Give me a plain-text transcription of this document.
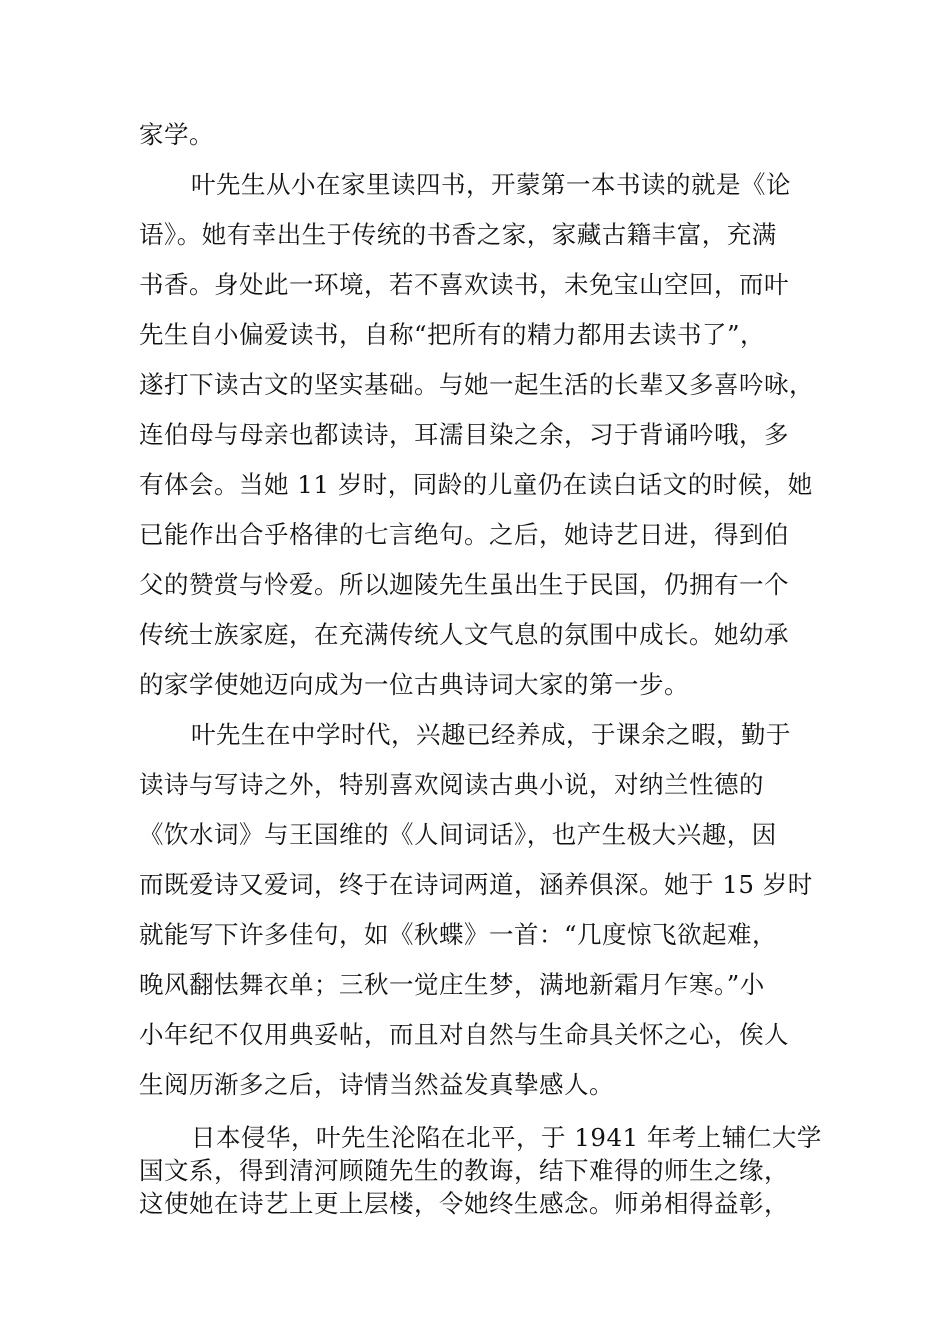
家学。
叶先生从小在家里读四书，开蒙第一本书读的就是《论
语》。她有幸出生于传统的书香之家，家藏古籍丰富，充满
书香。身处此一环境，若不喜欢读书，未免宝山空回，而叶
先生自小偏爱读书，自称“把所有的精力都用去读书了”，
遂打下读古文的坚实基础。与她一起生活的长辈又多喜吟咏，
连伯母与母亲也都读诗，耳濡目染之余，习于背诵吟哦，多
有体会。当她 11 岁时，同龄的儿童仍在读白话文的时候，她
已能作出合乎格律的七言绝句。之后，她诗艺日进，得到伯
父的赞赏与怜爱。所以迦陵先生虽出生于民国，仍拥有一个
传统士族家庭，在充满传统人文气息的氛围中成长。她幼承
的家学使她迈向成为一位古典诗词大家的第一步。
叶先生在中学时代，兴趣已经养成，于课余之暇，勤于
读诗与写诗之外，特别喜欢阅读古典小说，对纳兰性德的
《饮水词》与王国维的《人间词话》，也产生极大兴趣，因
而既爱诗又爱词，终于在诗词两道，涵养俱深。她于 15 岁时
就能写下许多佳句，如《秋蝶》一首：“几度惊飞欲起难，
晚风翻怯舞衣单；三秋一觉庄生梦，满地新霜月乍寒。”小
小年纪不仅用典妥帖，而且对自然与生命具关怀之心，俟人
生阅历渐多之后，诗情当然益发真挚感人。
日本侵华，叶先生沦陷在北平，于 1941 年考上辅仁大学
国文系，得到清河顾随先生的教诲，结下难得的师生之缘，
这使她在诗艺上更上层楼，令她终生感念。师弟相得益彰，
